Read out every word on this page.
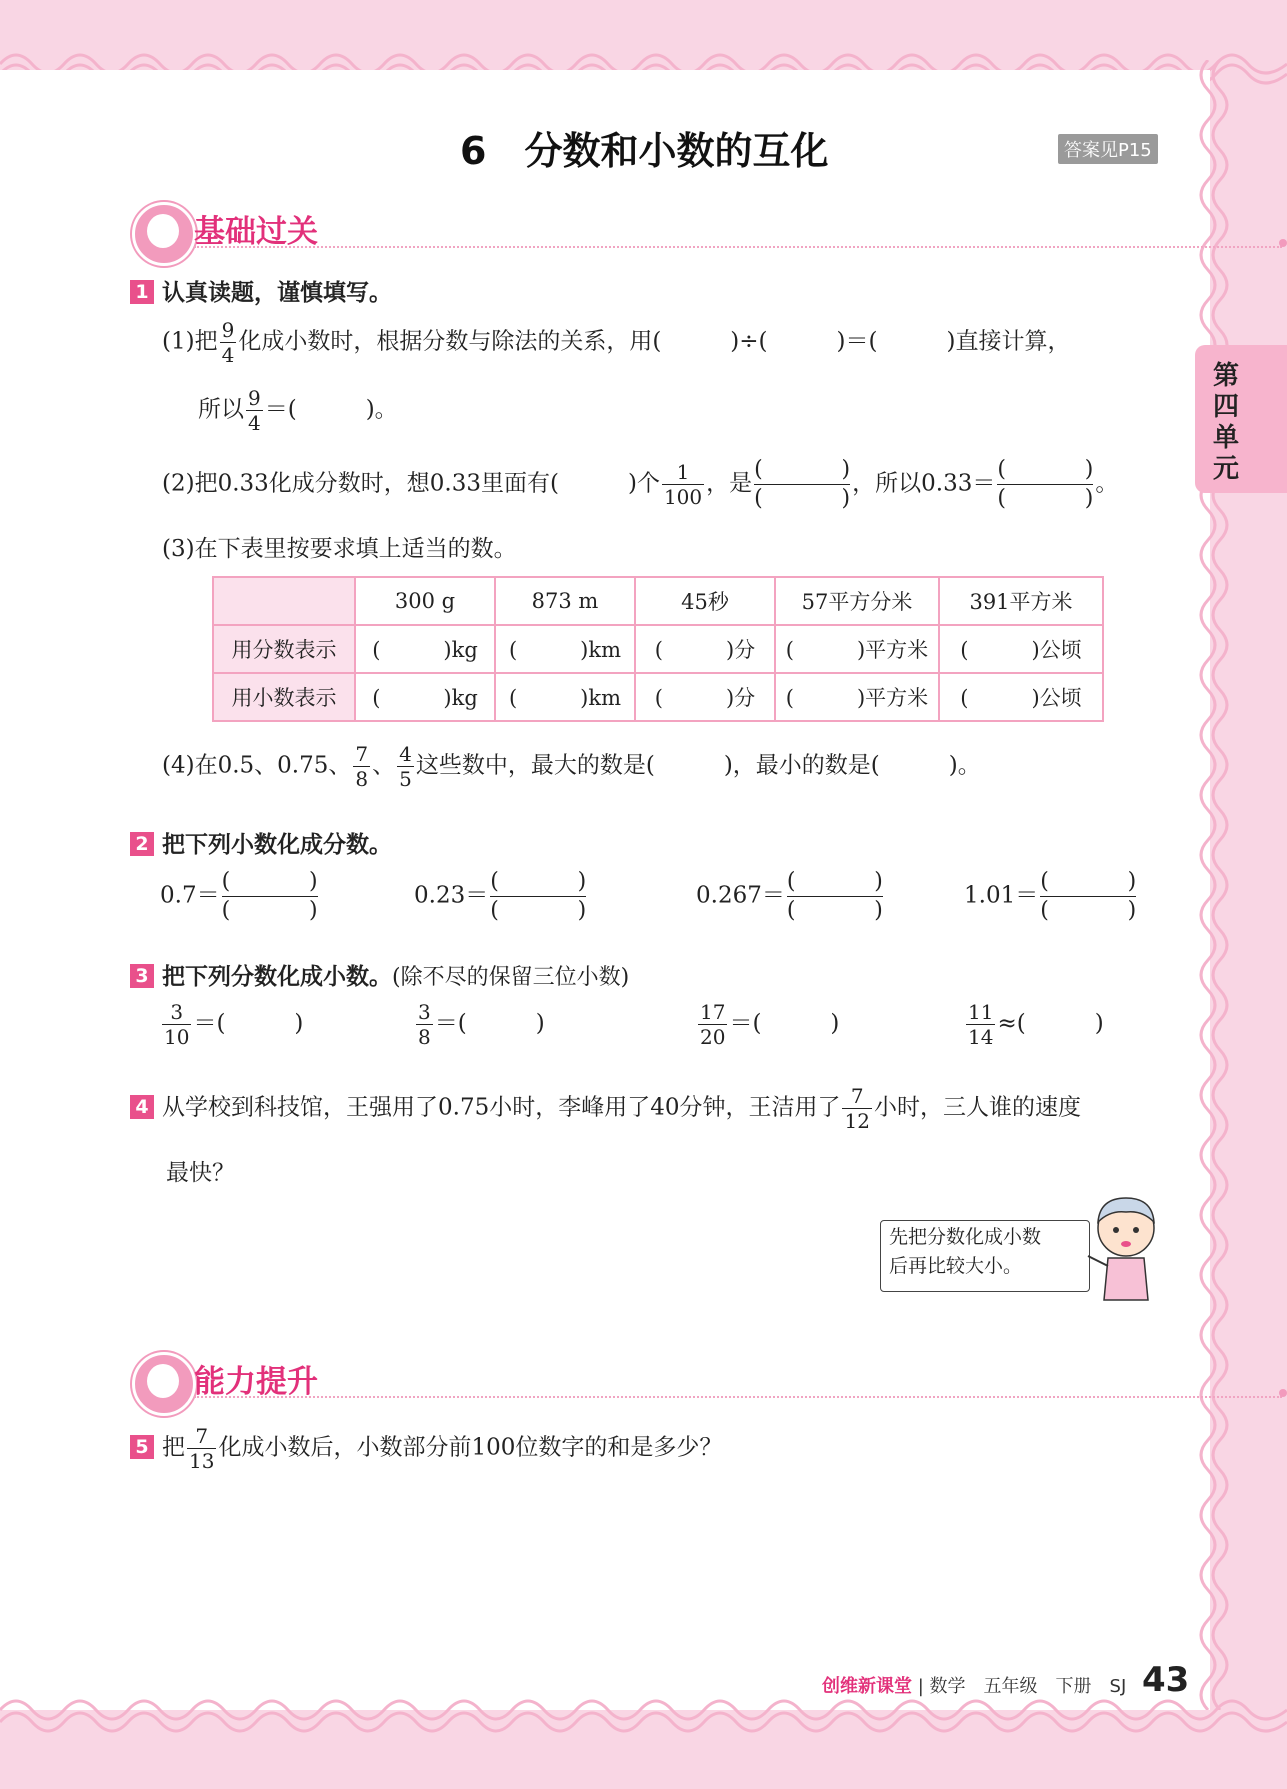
6　分数和小数的互化	答案见P15
第四单元
基础过关
1 认真读题，谨慎填写。
(1)把 $\frac{9}{4}$ 化成小数时，根据分数与除法的关系，用(　　　)÷(　　　)＝(　　　)直接计算，
所以 $\frac{9}{4}$ ＝(　　　)。
(2)把0.33化成分数时，想0.33里面有(　　　)个 $\frac{1}{100}$ ，是
(	)
(	)
，所以0.33＝
(	)
(	)
。
(3)在下表里按要求填上适当的数。
	300 g	873 m	45秒	57平方分米	391平方米
用分数表示	(　　　)kg	(　　　)km	(　　　)分	(　　　)平方米	(　　　)公顷
用小数表示	(　　　)kg	(　　　)km	(　　　)分	(　　　)平方米	(　　　)公顷
(4)在0.5、0.75、 $\frac{7}{8}$ 、 $\frac{4}{5}$ 这些数中，最大的数是(　　　)，最小的数是(　　　)。
2 把下列小数化成分数。
0.7＝
(	)
(	)
0.23＝
(	)
(	)
0.267＝
(	)
(	)
1.01＝
(	)
(	)
3 把下列分数化成小数。(除不尽的保留三位小数)
$\frac{3}{10}$ ＝(　　　)	$\frac{3}{8}$ ＝(　　　)	$\frac{17}{20}$ ＝(　　　)	$\frac{11}{14}$ ≈(　　　)
4 从学校到科技馆，王强用了0.75小时，李峰用了40分钟，王洁用了 $\frac{7}{12}$ 小时，三人谁的速度
最快？
先把分数化成小数
后再比较大小。
能力提升
5 把 $\frac{7}{13}$ 化成小数后，小数部分前100位数字的和是多少？
创维新课堂 | 数学　五年级　下册　SJ 43
